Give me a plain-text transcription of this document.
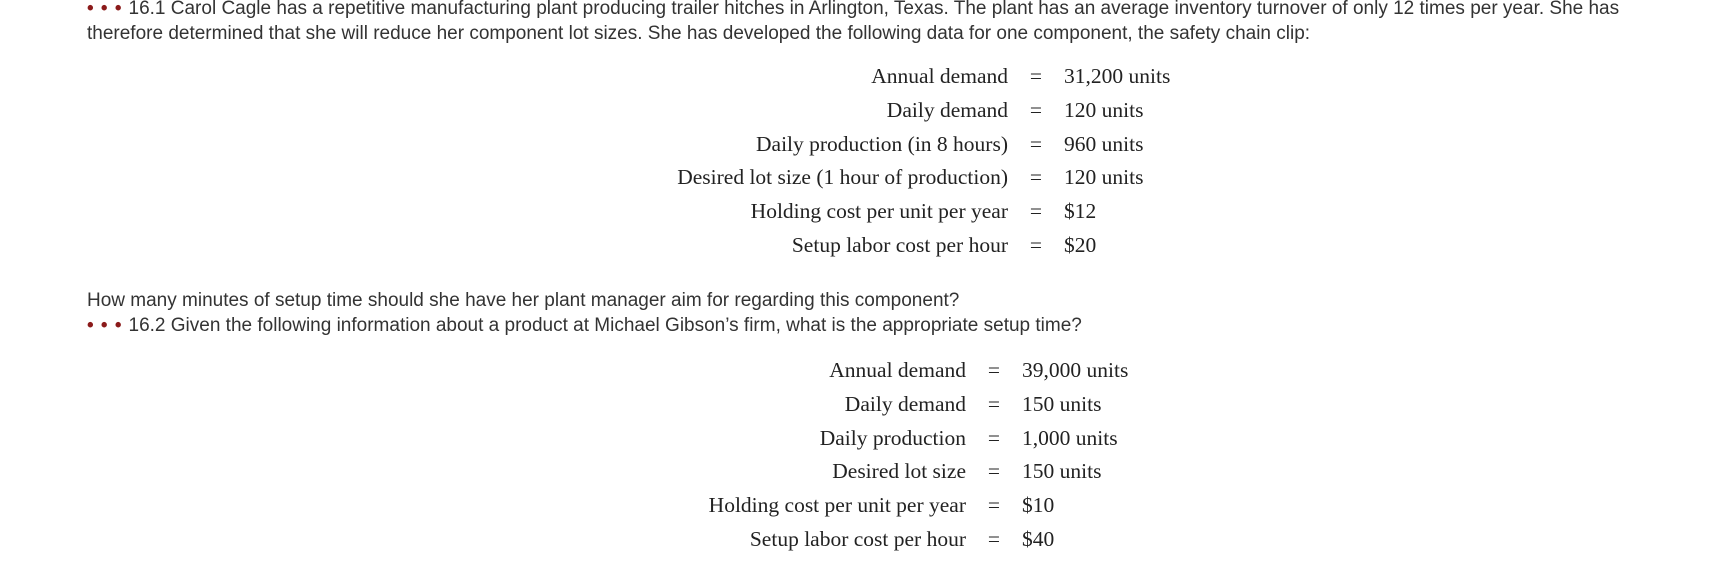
• • • 16.1 Carol Cagle has a repetitive manufacturing plant producing trailer hitches in Arlington, Texas. The plant has an average inventory turnover of only 12 times per year. She has
therefore determined that she will reduce her component lot sizes. She has developed the following data for one component, the safety chain clip:

Annual demand	=	31,200 units
Daily demand	=	120 units
Daily production (in 8 hours)	=	960 units
Desired lot size (1 hour of production)	=	120 units
Holding cost per unit per year	=	$12
Setup labor cost per hour	=	$20

How many minutes of setup time should she have her plant manager aim for regarding this component?

• • • 16.2 Given the following information about a product at Michael Gibson’s firm, what is the appropriate setup time?

Annual demand	=	39,000 units
Daily demand	=	150 units
Daily production	=	1,000 units
Desired lot size	=	150 units
Holding cost per unit per year	=	$10
Setup labor cost per hour	=	$40
